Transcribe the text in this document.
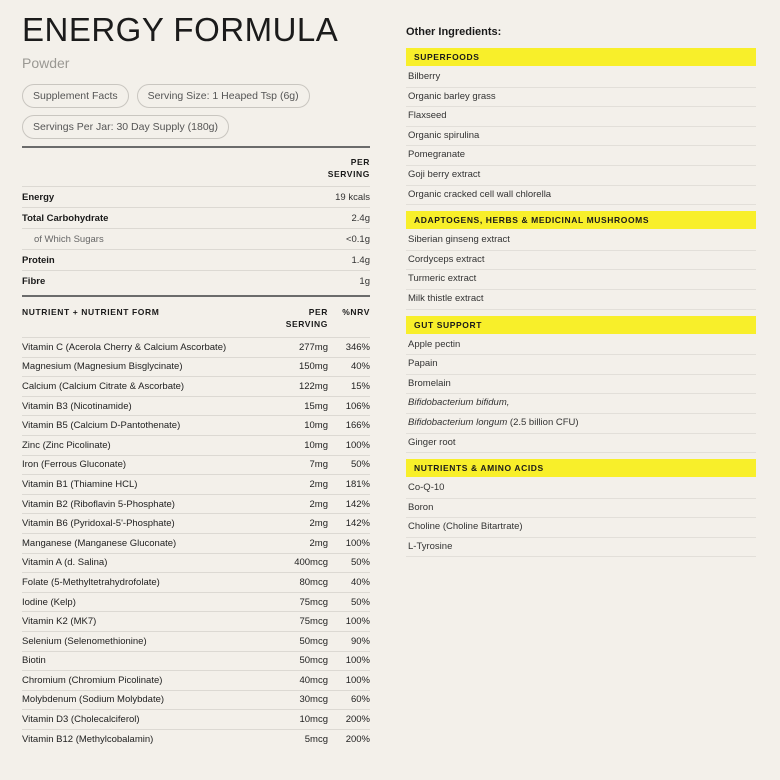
ENERGY FORMULA
Powder
Supplement Facts	Serving Size: 1 Heaped Tsp (6g)
Servings Per Jar: 30 Day Supply (180g)
PER
SERVING
Energy	19 kcals
Total Carbohydrate	2.4g
of Which Sugars	<0.1g
Protein	1.4g
Fibre	1g
NUTRIENT + NUTRIENT FORM	PER
SERVING
%NRV
Vitamin C (Acerola Cherry & Calcium Ascorbate)	277mg	346%
Magnesium (Magnesium Bisglycinate)	150mg	40%
Calcium (Calcium Citrate & Ascorbate)	122mg	15%
Vitamin B3 (Nicotinamide)	15mg	106%
Vitamin B5 (Calcium D-Pantothenate)	10mg	166%
Zinc (Zinc Picolinate)	10mg	100%
Iron (Ferrous Gluconate)	7mg	50%
Vitamin B1 (Thiamine HCL)	2mg	181%
Vitamin B2 (Riboflavin 5-Phosphate)	2mg	142%
Vitamin B6 (Pyridoxal-5'-Phosphate)	2mg	142%
Manganese (Manganese Gluconate)	2mg	100%
Vitamin A (d. Salina)	400mcg	50%
Folate (5-Methyltetrahydrofolate)	80mcg	40%
Iodine (Kelp)	75mcg	50%
Vitamin K2 (MK7)	75mcg	100%
Selenium (Selenomethionine)	50mcg	90%
Biotin	50mcg	100%
Chromium (Chromium Picolinate)	40mcg	100%
Molybdenum (Sodium Molybdate)	30mcg	60%
Vitamin D3 (Cholecalciferol)	10mcg	200%
Vitamin B12 (Methylcobalamin)	5mcg	200%
Other Ingredients:
SUPERFOODS
Bilberry
Organic barley grass
Flaxseed
Organic spirulina
Pomegranate
Goji berry extract
Organic cracked cell wall chlorella
ADAPTOGENS, HERBS & MEDICINAL MUSHROOMS
Siberian ginseng extract
Cordyceps extract
Turmeric extract
Milk thistle extract
GUT SUPPORT
Apple pectin
Papain
Bromelain
Bifidobacterium bifidum,
Bifidobacterium longum (2.5 billion CFU)
Ginger root
NUTRIENTS & AMINO ACIDS
Co-Q-10
Boron
Choline (Choline Bitartrate)
L-Tyrosine
